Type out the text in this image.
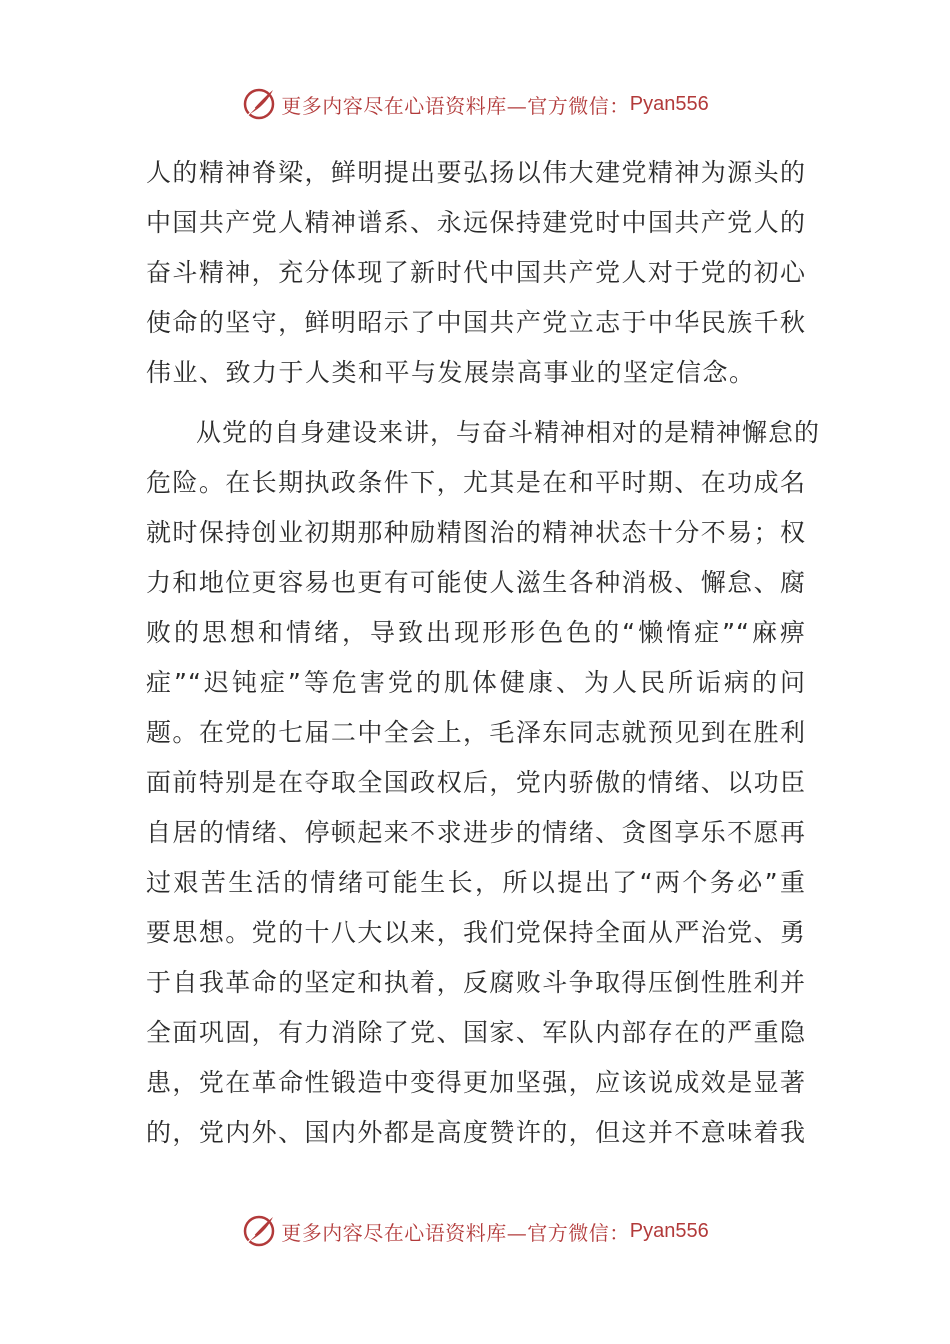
更多内容尽在心语资料库—官方微信： Pyan556
人的精神脊梁，鲜明提出要弘扬以伟大建党精神为源头的
中国共产党人精神谱系、永远保持建党时中国共产党人的
奋斗精神，充分体现了新时代中国共产党人对于党的初心
使命的坚守，鲜明昭示了中国共产党立志于中华民族千秋
伟业、致力于人类和平与发展崇高事业的坚定信念。
　从党的自身建设来讲，与奋斗精神相对的是精神懈怠的
危险。在长期执政条件下，尤其是在和平时期、在功成名
就时保持创业初期那种励精图治的精神状态十分不易；权
力和地位更容易也更有可能使人滋生各种消极、懈怠、腐
败的思想和情绪，导致出现形形色色的“懒惰症”“麻痹
症”“迟钝症”等危害党的肌体健康、为人民所诟病的问
题。在党的七届二中全会上，毛泽东同志就预见到在胜利
面前特别是在夺取全国政权后，党内骄傲的情绪、以功臣
自居的情绪、停顿起来不求进步的情绪、贪图享乐不愿再
过艰苦生活的情绪可能生长，所以提出了“两个务必”重
要思想。党的十八大以来，我们党保持全面从严治党、勇
于自我革命的坚定和执着，反腐败斗争取得压倒性胜利并
全面巩固，有力消除了党、国家、军队内部存在的严重隐
患，党在革命性锻造中变得更加坚强，应该说成效是显著
的，党内外、国内外都是高度赞许的，但这并不意味着我
更多内容尽在心语资料库—官方微信： Pyan556
